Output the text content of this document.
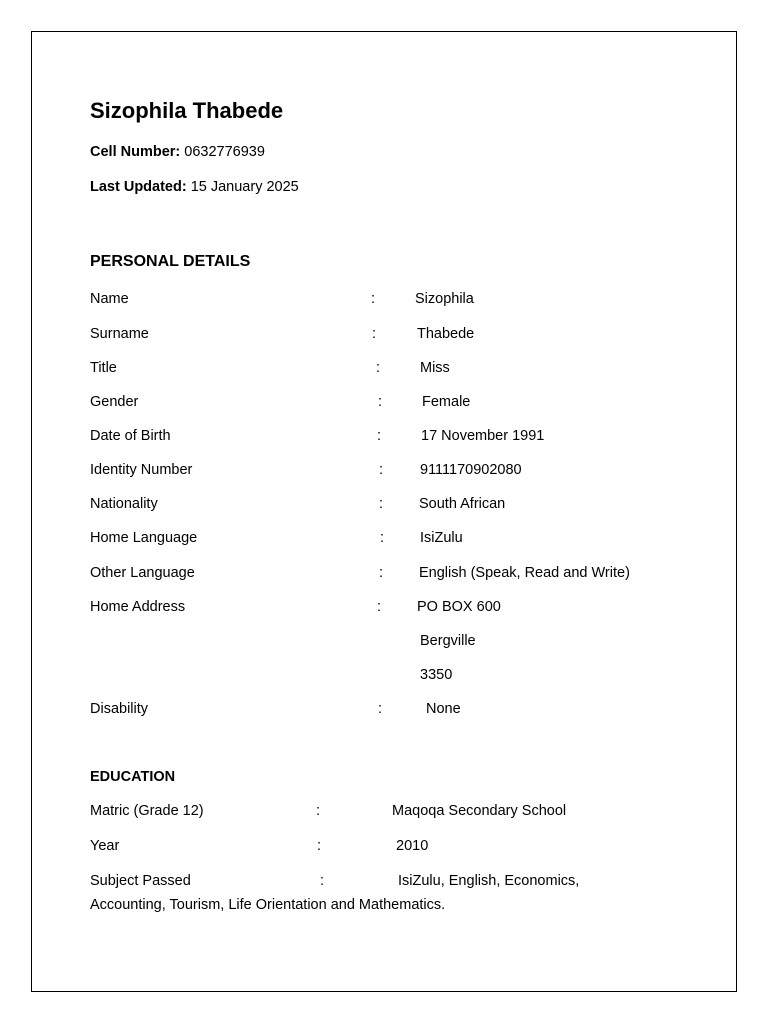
Sizophila Thabede
Cell Number: 0632776939
Last Updated: 15 January 2025
PERSONAL DETAILS
Name	:	Sizophila
Surname	:	Thabede
Title	:	Miss
Gender	:	Female
Date of Birth	:	17 November 1991
Identity Number	:	9111170902080
Nationality	: South African
Home Language	: IsiZulu
Other Language	: English (Speak, Read and Write)
Home Address	: PO BOX 600
Bergville
3350
Disability	:	None
EDUCATION
Matric (Grade 12)	:	Maqoqa Secondary School
Year	:	2010
Subject Passed	:	IsiZulu, English, Economics,
Accounting, Tourism, Life Orientation and Mathematics.
